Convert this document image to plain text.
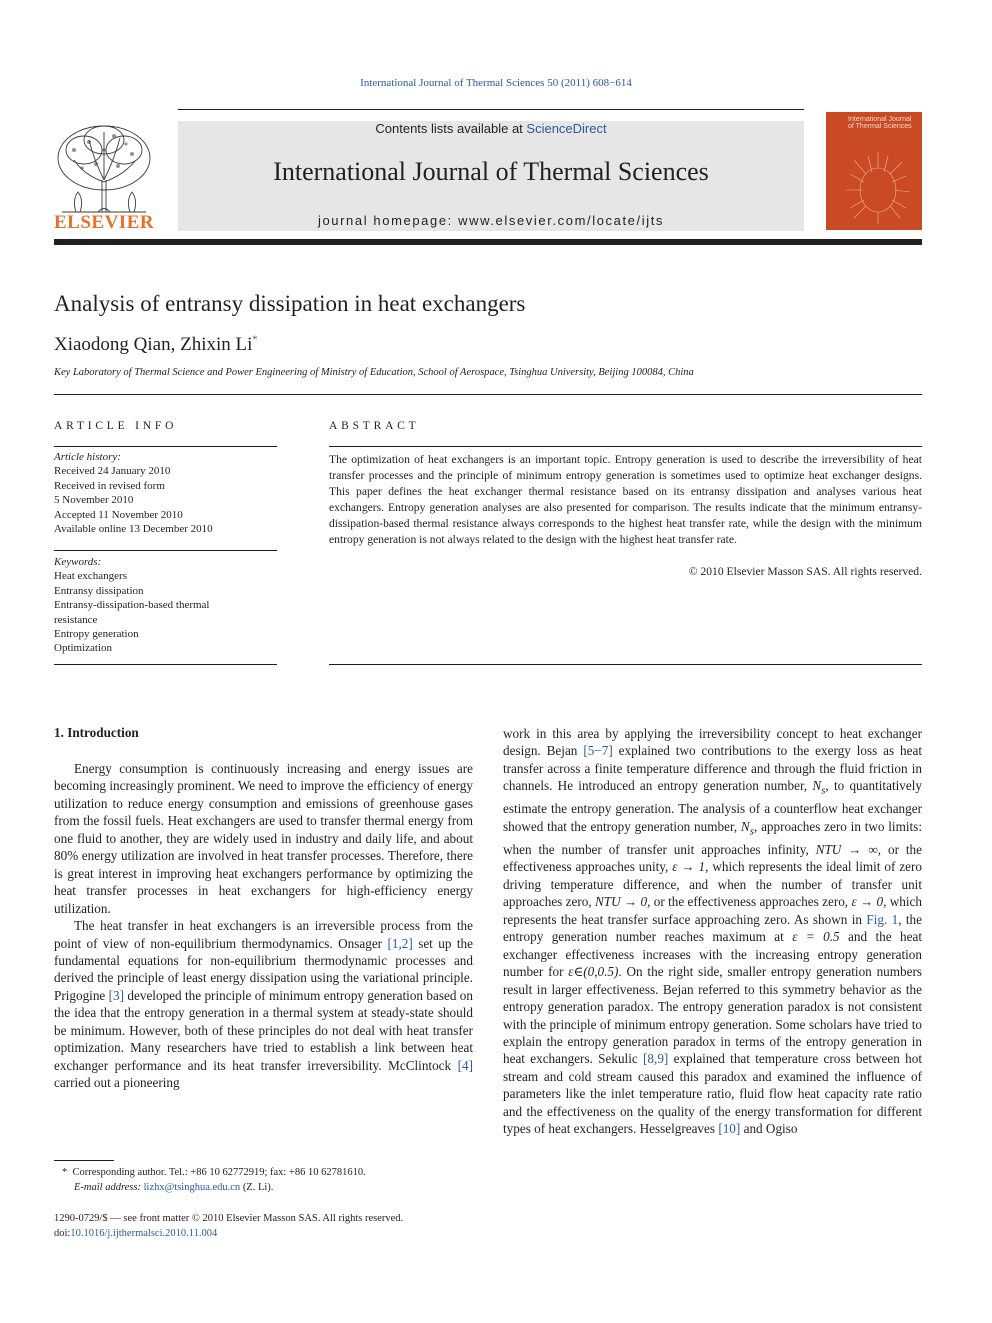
International Journal of Thermal Sciences 50 (2011) 608−614
ELSEVIER
Contents lists available at ScienceDirect
International Journal of Thermal Sciences
journal homepage: www.elsevier.com/locate/ijts
International Journal of Thermal Sciences
Analysis of entransy dissipation in heat exchangers
Xiaodong Qian, Zhixin Li*
Key Laboratory of Thermal Science and Power Engineering of Ministry of Education, School of Aerospace, Tsinghua University, Beijing 100084, China
ARTICLE INFO
Article history:
Received 24 January 2010
Received in revised form
5 November 2010
Accepted 11 November 2010
Available online 13 December 2010
Keywords:
Heat exchangers
Entransy dissipation
Entransy-dissipation-based thermal
resistance
Entropy generation
Optimization
ABSTRACT
The optimization of heat exchangers is an important topic. Entropy generation is used to describe the irreversibility of heat transfer processes and the principle of minimum entropy generation is sometimes used to optimize heat exchanger designs. This paper defines the heat exchanger thermal resistance based on its entransy dissipation and analyses various heat exchangers. Entropy generation analyses are also presented for comparison. The results indicate that the minimum entransy-dissipation-based thermal resistance always corresponds to the highest heat transfer rate, while the design with the minimum entropy generation is not always related to the design with the highest heat transfer rate.
© 2010 Elsevier Masson SAS. All rights reserved.
1. Introduction

Energy consumption is continuously increasing and energy issues are becoming increasingly prominent. We need to improve the efficiency of energy utilization to reduce energy consumption and emissions of greenhouse gases from the fossil fuels. Heat exchangers are used to transfer thermal energy from one fluid to another, they are widely used in industry and daily life, and about 80% energy utilization are involved in heat transfer processes. Therefore, there is great interest in improving heat exchangers performance by optimizing the heat transfer processes in heat exchangers for high-efficiency energy utilization.

The heat transfer in heat exchangers is an irreversible process from the point of view of non-equilibrium thermodynamics. Onsager [1,2] set up the fundamental equations for non-equilibrium thermodynamic processes and derived the principle of least energy dissipation using the variational principle. Prigogine [3] developed the principle of minimum entropy generation based on the idea that the entropy generation in a thermal system at steady-state should be minimum. However, both of these principles do not deal with heat transfer optimization. Many researchers have tried to establish a link between heat exchanger performance and its heat transfer irreversibility. McClintock [4] carried out a pioneering

work in this area by applying the irreversibility concept to heat exchanger design. Bejan [5−7] explained two contributions to the exergy loss as heat transfer across a finite temperature difference and through the fluid friction in channels. He introduced an entropy generation number, $N_s$, to quantitatively estimate the entropy generation. The analysis of a counterflow heat exchanger showed that the entropy generation number, $N_s$, approaches zero in two limits: when the number of transfer unit approaches infinity, NTU → ∞, or the effectiveness approaches unity, ε → 1, which represents the ideal limit of zero driving temperature difference, and when the number of transfer unit approaches zero, NTU → 0, or the effectiveness approaches zero, ε → 0, which represents the heat transfer surface approaching zero. As shown in Fig. 1, the entropy generation number reaches maximum at ε = 0.5 and the heat exchanger effectiveness increases with the increasing entropy generation number for ε∈(0,0.5). On the right side, smaller entropy generation numbers result in larger effectiveness. Bejan referred to this symmetry behavior as the entropy generation paradox. The entropy generation paradox is not consistent with the principle of minimum entropy generation. Some scholars have tried to explain the entropy generation paradox in terms of the entropy generation in heat exchangers. Sekulic [8,9] explained that temperature cross between hot stream and cold stream caused this paradox and examined the influence of parameters like the inlet temperature ratio, fluid flow heat capacity rate ratio and the effectiveness on the quality of the energy transformation for different types of heat exchangers. Hesselgreaves [10] and Ogiso

* Corresponding author. Tel.: +86 10 62772919; fax: +86 10 62781610.
E-mail address: lizhx@tsinghua.edu.cn (Z. Li).
1290-0729/$ — see front matter © 2010 Elsevier Masson SAS. All rights reserved.
doi:10.1016/j.ijthermalsci.2010.11.004
